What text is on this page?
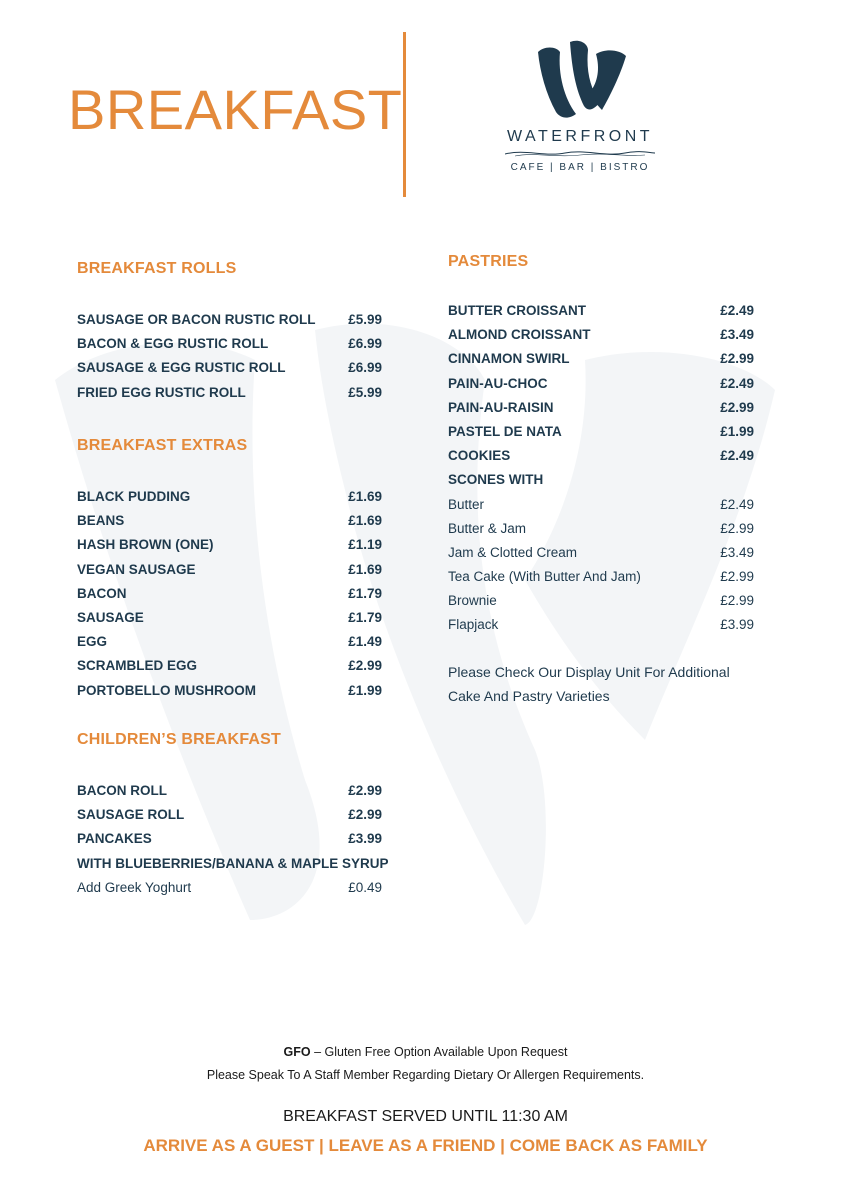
BREAKFAST	WATERFRONT
CAFE | BAR | BISTRO
BREAKFAST ROLLS
SAUSAGE OR BACON RUSTIC ROLL £5.99
BACON & EGG RUSTIC ROLL	£6.99
SAUSAGE & EGG RUSTIC ROLL	£6.99
FRIED EGG RUSTIC ROLL	£5.99
BREAKFAST EXTRAS
BLACK PUDDING	£1.69
BEANS	£1.69
HASH BROWN (ONE)	£1.19
VEGAN SAUSAGE	£1.69
BACON	£1.79
SAUSAGE	£1.79
EGG	£1.49
SCRAMBLED EGG	£2.99
PORTOBELLO MUSHROOM	£1.99
CHILDREN’S BREAKFAST
BACON ROLL	£2.99
SAUSAGE ROLL	£2.99
PANCAKES	£3.99
WITH BLUEBERRIES/BANANA & MAPLE SYRUP
Add Greek Yoghurt	£0.49
PASTRIES
BUTTER CROISSANT	£2.49
ALMOND CROISSANT	£3.49
CINNAMON SWIRL	£2.99
PAIN-AU-CHOC	£2.49
PAIN-AU-RAISIN	£2.99
PASTEL DE NATA	£1.99
COOKIES	£2.49
SCONES WITH
Butter	£2.49
Butter & Jam	£2.99
Jam & Clotted Cream	£3.49
Tea Cake (With Butter And Jam)	£2.99
Brownie	£2.99
Flapjack	£3.99
Please Check Our Display Unit For Additional
Cake And Pastry Varieties
GFO – Gluten Free Option Available Upon Request
Please Speak To A Staff Member Regarding Dietary Or Allergen Requirements.
BREAKFAST SERVED UNTIL 11:30 AM
ARRIVE AS A GUEST | LEAVE AS A FRIEND | COME BACK AS FAMILY
